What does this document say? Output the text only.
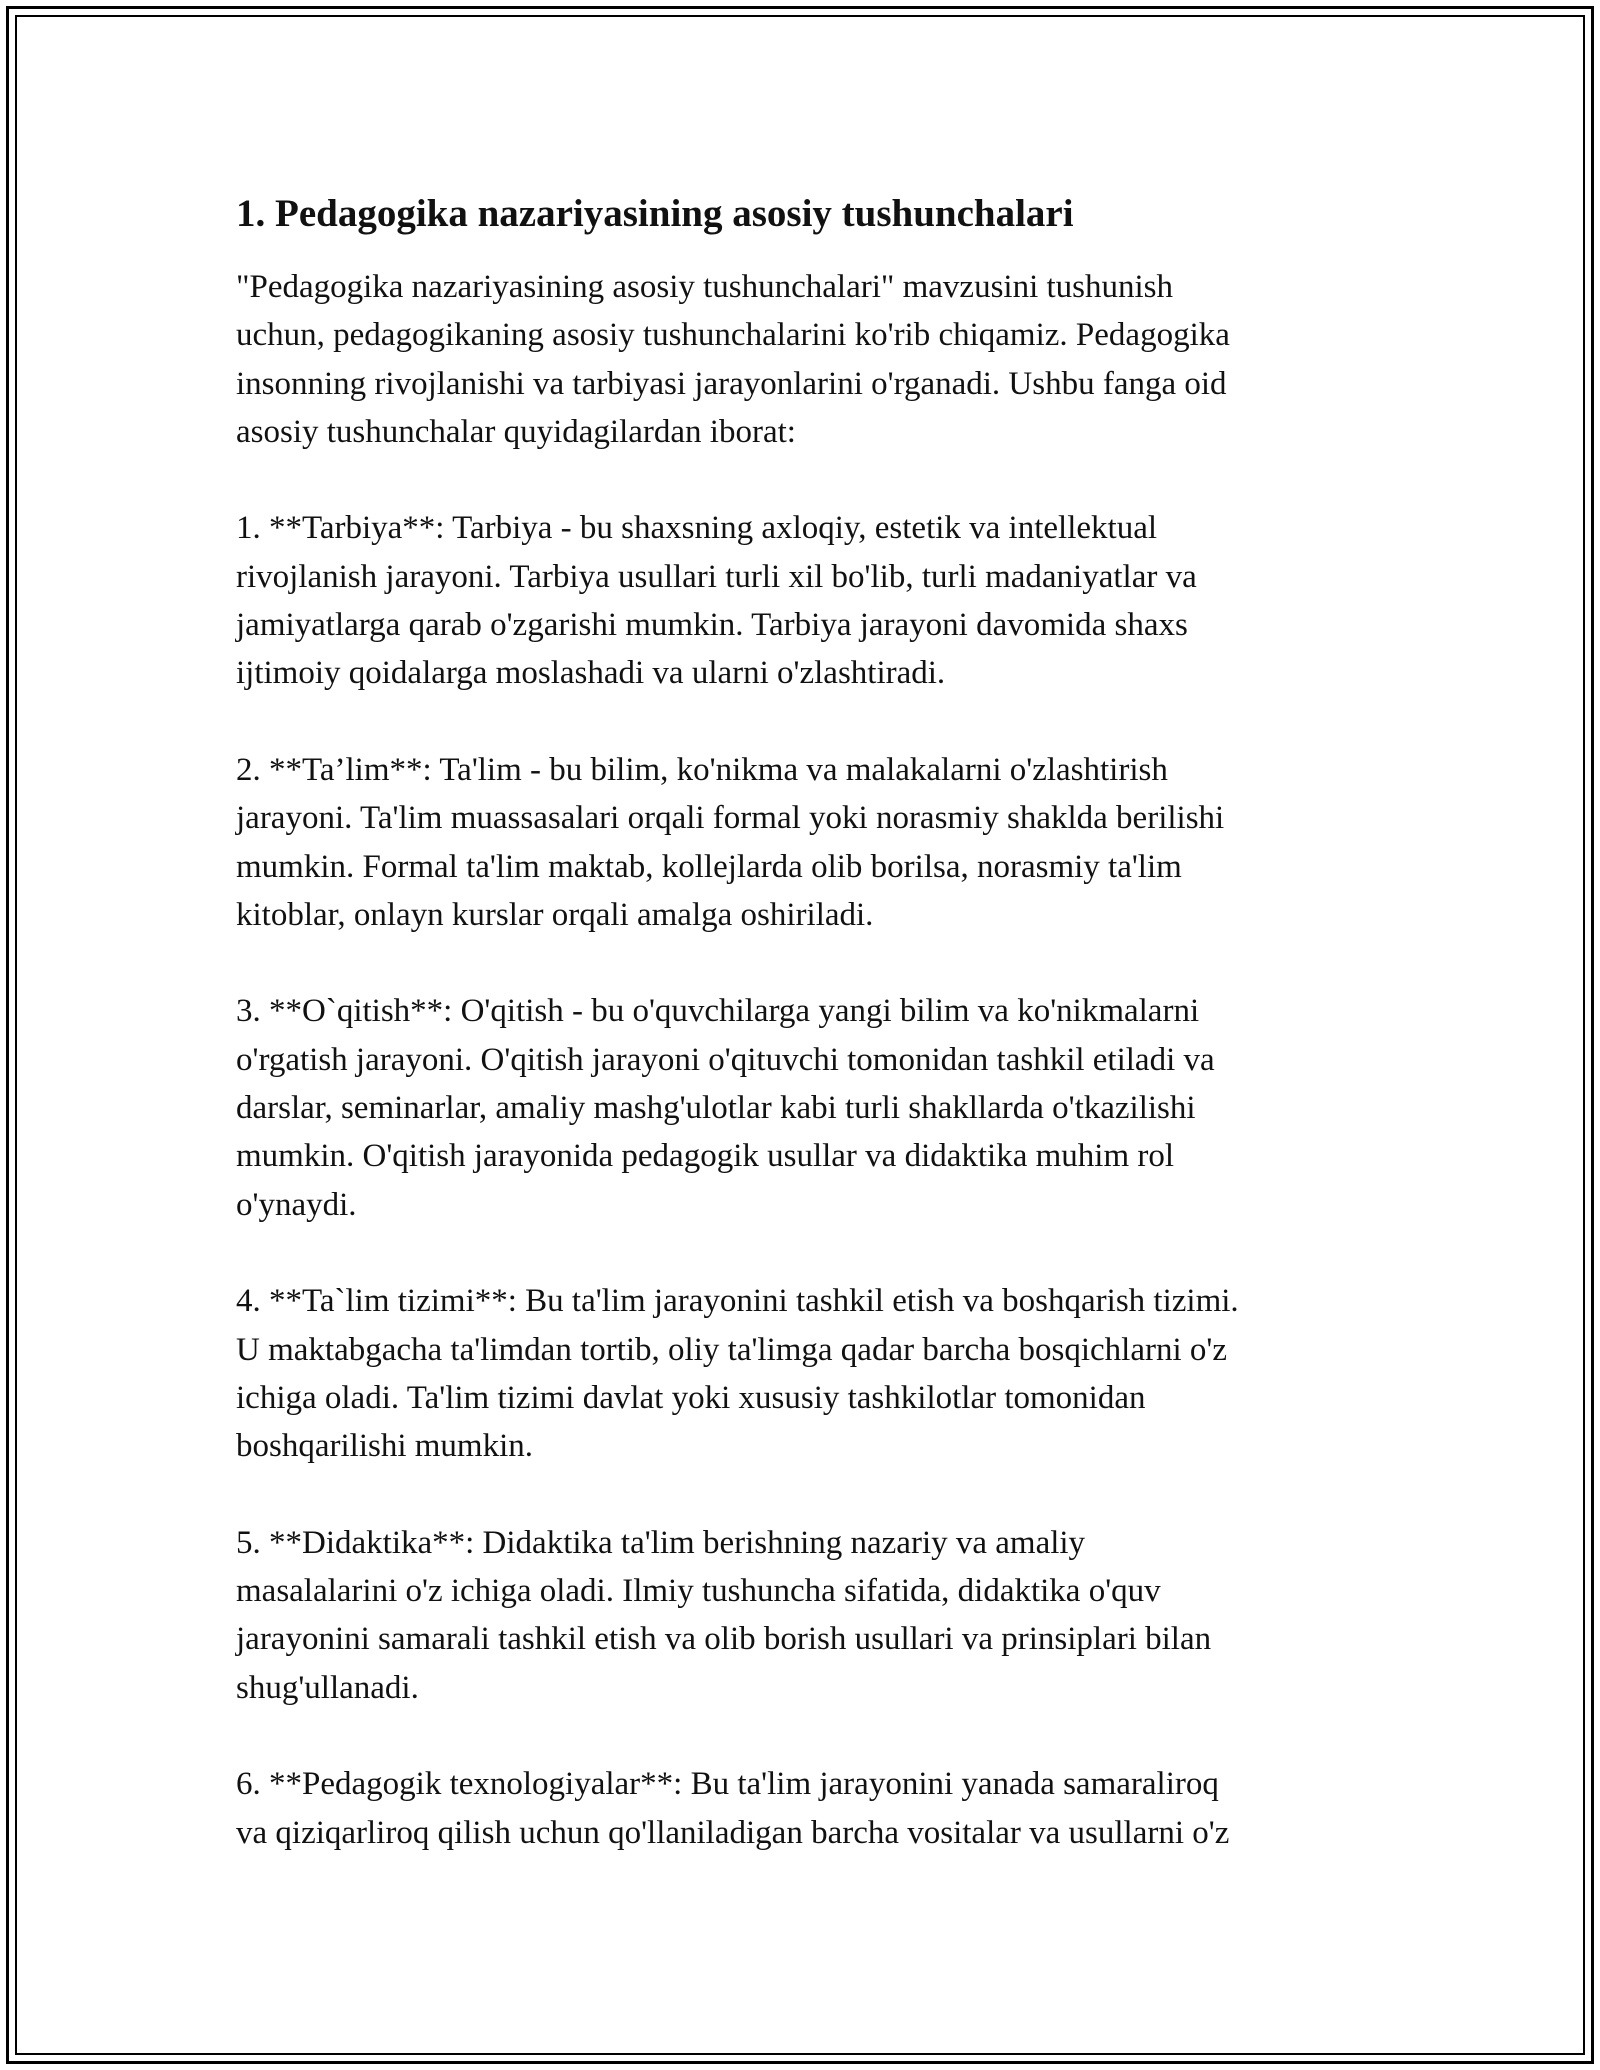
1. Pedagogika nazariyasining asosiy tushunchalari

"Pedagogika nazariyasining asosiy tushunchalari" mavzusini tushunish
uchun, pedagogikaning asosiy tushunchalarini ko'rib chiqamiz. Pedagogika
insonning rivojlanishi va tarbiyasi jarayonlarini o'rganadi. Ushbu fanga oid
asosiy tushunchalar quyidagilardan iborat:

1. **Tarbiya**: Tarbiya - bu shaxsning axloqiy, estetik va intellektual
rivojlanish jarayoni. Tarbiya usullari turli xil bo'lib, turli madaniyatlar va
jamiyatlarga qarab o'zgarishi mumkin. Tarbiya jarayoni davomida shaxs
ijtimoiy qoidalarga moslashadi va ularni o'zlashtiradi.

2. **Ta’lim**: Ta'lim - bu bilim, ko'nikma va malakalarni o'zlashtirish
jarayoni. Ta'lim muassasalari orqali formal yoki norasmiy shaklda berilishi
mumkin. Formal ta'lim maktab, kollejlarda olib borilsa, norasmiy ta'lim
kitoblar, onlayn kurslar orqali amalga oshiriladi.

3. **O`qitish**: O'qitish - bu o'quvchilarga yangi bilim va ko'nikmalarni
o'rgatish jarayoni. O'qitish jarayoni o'qituvchi tomonidan tashkil etiladi va
darslar, seminarlar, amaliy mashg'ulotlar kabi turli shakllarda o'tkazilishi
mumkin. O'qitish jarayonida pedagogik usullar va didaktika muhim rol
o'ynaydi.

4. **Ta`lim tizimi**: Bu ta'lim jarayonini tashkil etish va boshqarish tizimi.
U maktabgacha ta'limdan tortib, oliy ta'limga qadar barcha bosqichlarni o'z
ichiga oladi. Ta'lim tizimi davlat yoki xususiy tashkilotlar tomonidan
boshqarilishi mumkin.

5. **Didaktika**: Didaktika ta'lim berishning nazariy va amaliy
masalalarini o'z ichiga oladi. Ilmiy tushuncha sifatida, didaktika o'quv
jarayonini samarali tashkil etish va olib borish usullari va prinsiplari bilan
shug'ullanadi.

6. **Pedagogik texnologiyalar**: Bu ta'lim jarayonini yanada samaraliroq
va qiziqarliroq qilish uchun qo'llaniladigan barcha vositalar va usullarni o'z
